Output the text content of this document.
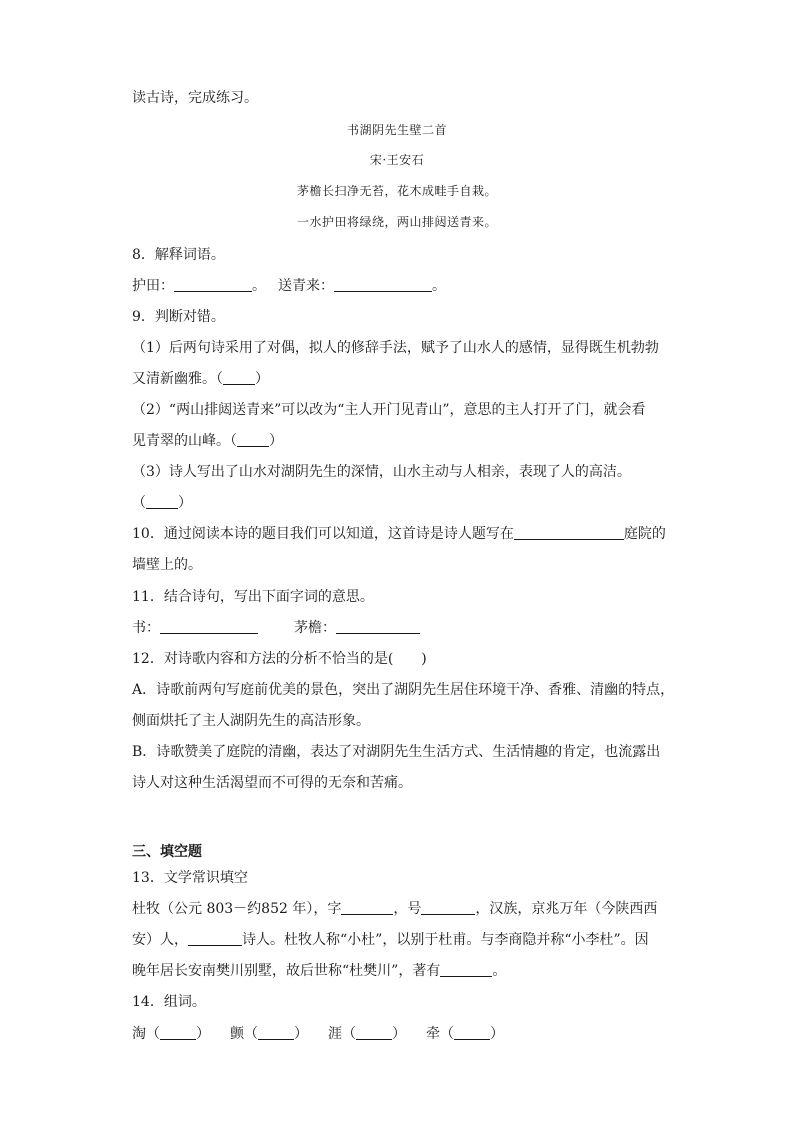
读古诗，完成练习。
书湖阴先生壁二首
宋·王安石
茅檐长扫净无苔，花木成畦手自栽。
一水护田将绿绕，两山排闼送青来。
8．解释词语。
护田：	。 送青来：	。
9．判断对错。
（1）后两句诗采用了对偶，拟人的修辞手法，赋予了山水人的感情，显得既生机勃勃
又清新幽雅。（ ）
（2）“两山排闼送青来”可以改为“主人开门见青山”，意思的主人打开了门，就会看
见青翠的山峰。（ ）
（3）诗人写出了山水对湖阴先生的深情，山水主动与人相亲，表现了人的高洁。
（ ）
10．通过阅读本诗的题目我们可以知道，这首诗是诗人题写在	庭院的
墙壁上的。
11．结合诗句，写出下面字词的意思。
书：	茅檐：
12．对诗歌内容和方法的分析不恰当的是(　　)
A．诗歌前两句写庭前优美的景色，突出了湖阴先生居住环境干净、香雅、清幽的特点，
侧面烘托了主人湖阴先生的高洁形象。
B．诗歌赞美了庭院的清幽，表达了对湖阴先生生活方式、生活情趣的肯定，也流露出
诗人对这种生活渴望而不可得的无奈和苦痛。
三、填空题
13．文学常识填空
杜牧（公元 803－约852 年），字	，号	，汉族，京兆万年（今陕西西
安）人，	诗人。杜牧人称“小杜”，以别于杜甫。与李商隐并称“小李杜”。因
晚年居长安南樊川别墅，故后世称“杜樊川”，著有	。
14．组词。
淘（	） 颤（	） 涯（	） 牵（	）
